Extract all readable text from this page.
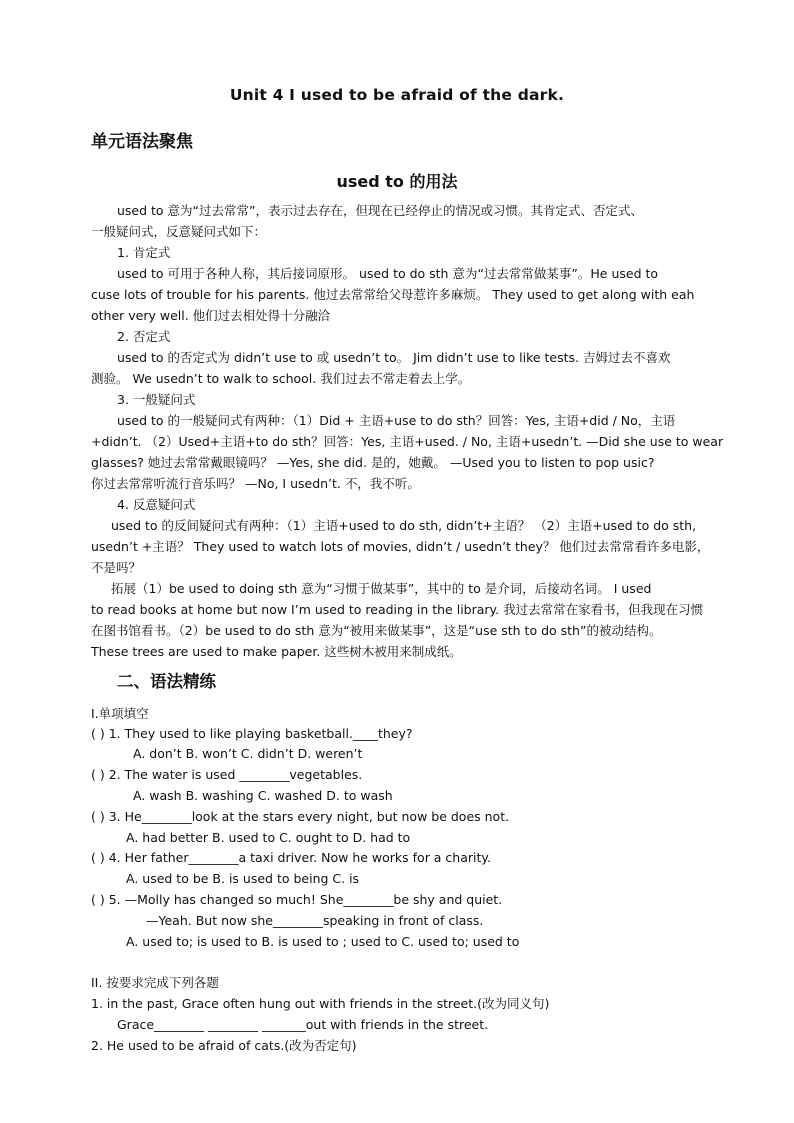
Unit 4 I used to be afraid of the dark.
单元语法聚焦
used to 的用法
used to 意为“过去常常”，表示过去存在，但现在已经停止的情况或习惯。其肯定式、否定式、
一般疑问式，反意疑问式如下：
1. 肯定式
used to 可用于各种人称，其后接词原形。 used to do sth 意为“过去常常做某事”。He used to
cuse lots of trouble for his parents. 他过去常常给父母惹许多麻烦。 They used to get along with eah
other very well. 他们过去相处得十分融洽
2. 否定式
used to 的否定式为 didn’t use to 或 usedn’t to。 Jim didn’t use to like tests. 吉姆过去不喜欢
测验。 We usedn’t to walk to school. 我们过去不常走着去上学。
3. 一般疑问式
used to 的一般疑问式有两种：（1）Did + 主语+use to do sth？回答：Yes, 主语+did / No，主语
+didn’t. （2）Used+主语+to do sth？回答：Yes, 主语+used. / No, 主语+usedn’t. —Did she use to wear
glasses? 她过去常常戴眼镜吗？ —Yes, she did. 是的，她戴。 —Used you to listen to pop usic?
你过去常常听流行音乐吗？ —No, I usedn’t. 不，我不听。
4. 反意疑问式
used to 的反间疑问式有两种：（1）主语+used to do sth, didn’t+主语？ （2）主语+used to do sth,
usedn’t +主语？ They used to watch lots of movies, didn’t / usedn’t they？ 他们过去常常看许多电影，
不是吗？
拓展（1）be used to doing sth 意为“习惯于做某事”，其中的 to 是介词，后接动名词。 I used
to read books at home but now I’m used to reading in the library. 我过去常常在家看书，但我现在习惯
在图书馆看书。（2）be used to do sth 意为“被用来做某事”，这是“use sth to do sth”的被动结构。
These trees are used to make paper. 这些树木被用来制成纸。
二、语法精练
I.单项填空
( ) 1. They used to like playing basketball.____they?
A. don’t B. won’t C. didn’t D. weren’t
( ) 2. The water is used ________vegetables.
A. wash B. washing C. washed D. to wash
( ) 3. He________look at the stars every night, but now be does not.
A. had better B. used to C. ought to D. had to
( ) 4. Her father________a taxi driver. Now he works for a charity.
A. used to be B. is used to being C. is
( ) 5. —Molly has changed so much! She________be shy and quiet.
—Yeah. But now she________speaking in front of class.
A. used to; is used to B. is used to ; used to C. used to; used to
II. 按要求完成下列各题
1. in the past, Grace often hung out with friends in the street.(改为同义句)
Grace________ ________ _______out with friends in the street.
2. He used to be afraid of cats.(改为否定句)
